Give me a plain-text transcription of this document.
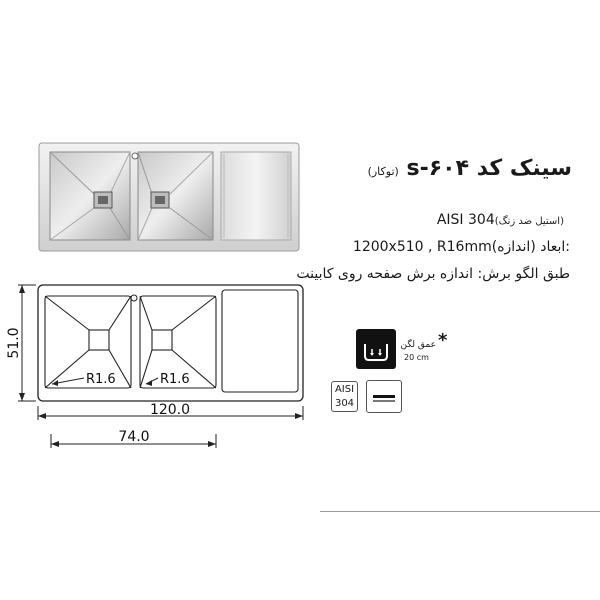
R1.6	R1.6
51.0
120.0
74.0
سینک کد ۶۰۴-s (توکار)
AISI 304(استیل ضد زنگ)
1200x510 , R16mmابعاد (اندازه):
طبق الگو برش: اندازه برش صفحه روی کابینت
*
عمق لگن
20 cm
AISI
304
